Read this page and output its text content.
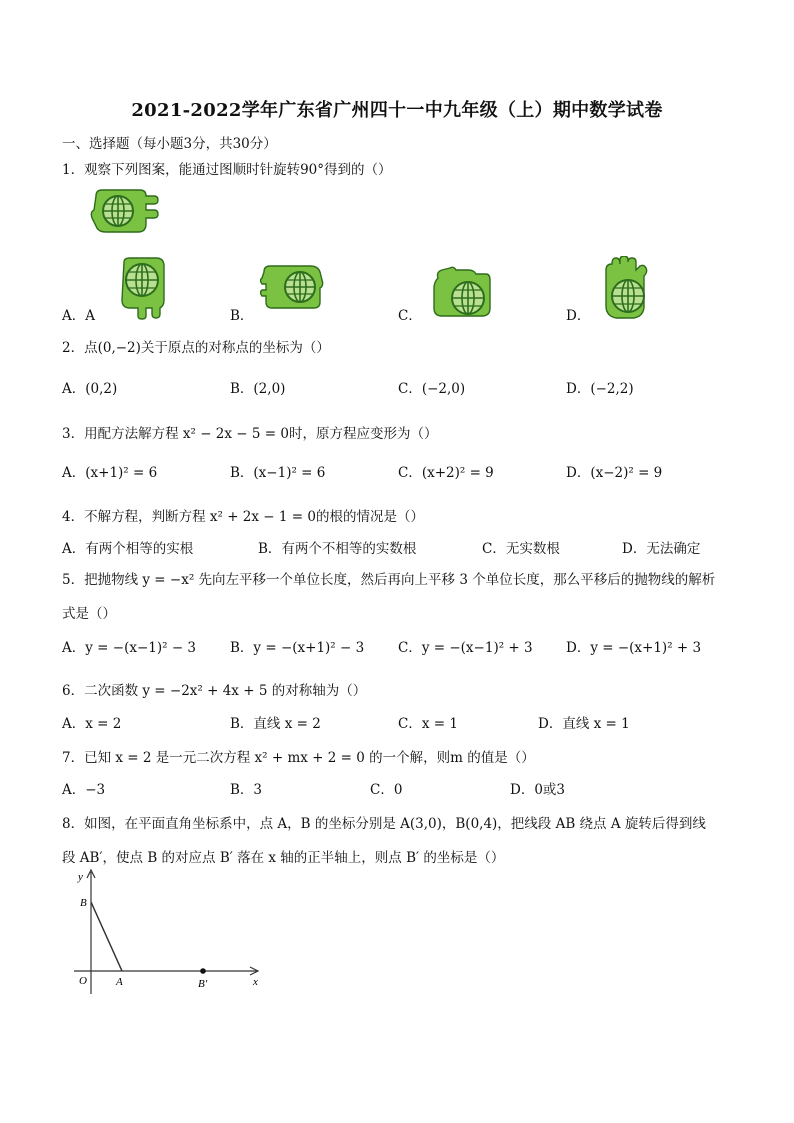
2021-2022学年广东省广州四十一中九年级（上）期中数学试卷
一、选择题（每小题3分，共30分）
1．观察下列图案，能通过图顺时针旋转90°得到的（）
A．A	B．	C．	D．
2．点(0,−2)关于原点的对称点的坐标为（）
A．(0,2)	B．(2,0)	C．(−2,0)	D．(−2,2)
3．用配方法解方程 x² − 2x − 5 = 0时，原方程应变形为（）
A．(x+1)² = 6	B．(x−1)² = 6	C．(x+2)² = 9	D．(x−2)² = 9
4．不解方程，判断方程 x² + 2x − 1 = 0的根的情况是（）
A．有两个相等的实根	B．有两个不相等的实数根	C．无实数根	D．无法确定
5．把抛物线 y = −x² 先向左平移一个单位长度，然后再向上平移 3 个单位长度，那么平移后的抛物线的解析
式是（）
A．y = −(x−1)² − 3	B．y = −(x+1)² − 3	C．y = −(x−1)² + 3 D．y = −(x+1)² + 3
6．二次函数 y = −2x² + 4x + 5 的对称轴为（）
A．x = 2	B．直线 x = 2	C．x = 1	D．直线 x = 1
7．已知 x = 2 是一元二次方程 x² + mx + 2 = 0 的一个解，则m 的值是（）
A．−3	B．3	C．0	D．0或3
8．如图，在平面直角坐标系中，点 A，B 的坐标分别是 A(3,0)，B(0,4)，把线段 AB 绕点 A 旋转后得到线
段 AB′，使点 B 的对应点 B′ 落在 x 轴的正半轴上，则点 B′ 的坐标是（）
y
x
O	A
B
B′
